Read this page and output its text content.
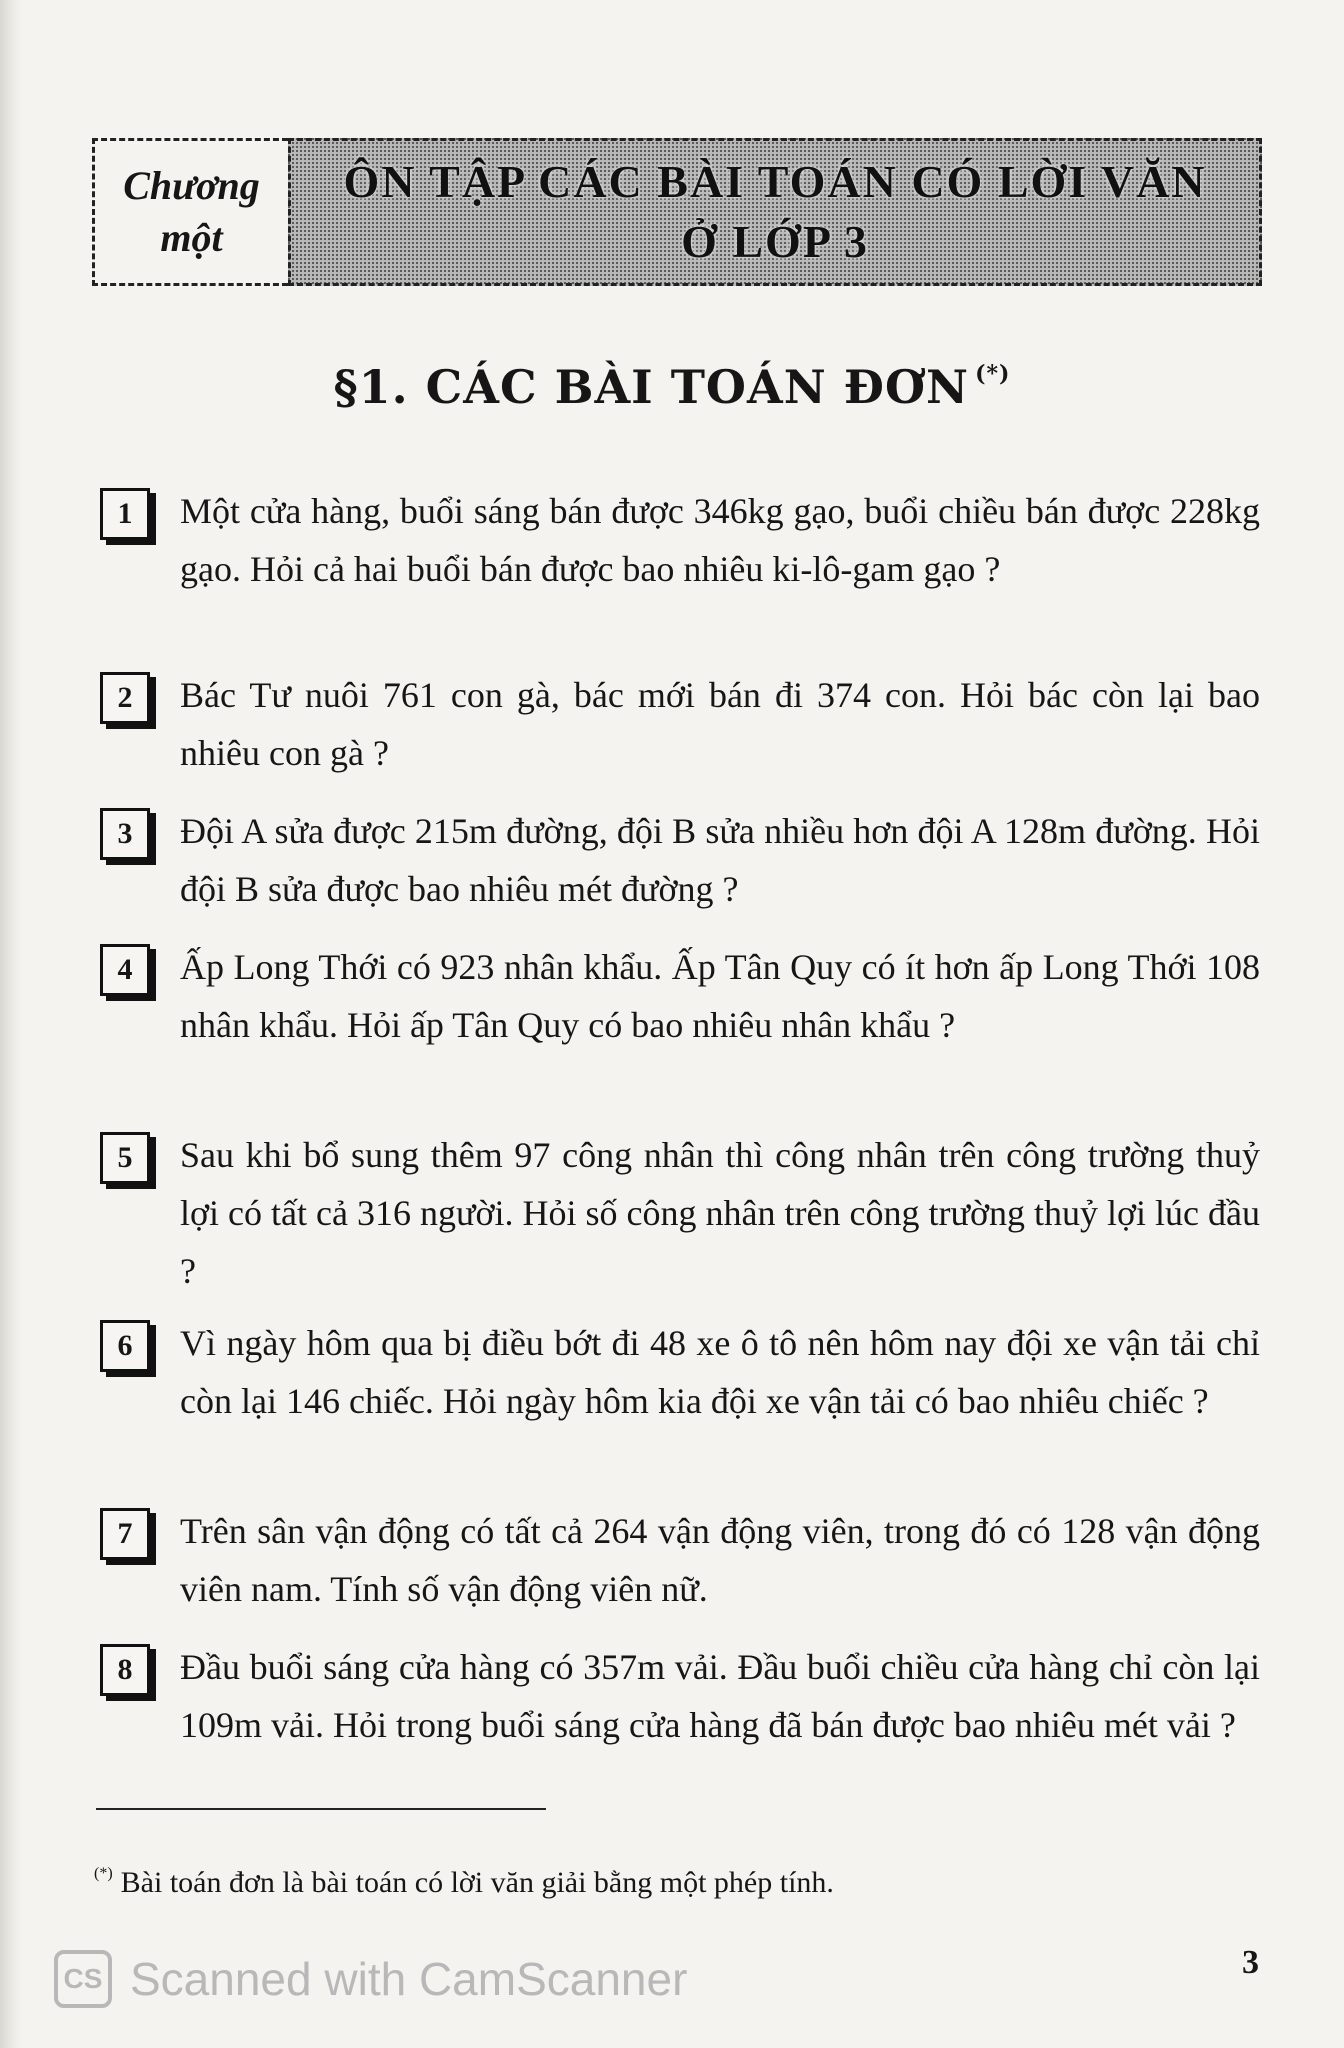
Chương
một
ÔN TẬP CÁC BÀI TOÁN CÓ LỜI VĂN
Ở LỚP 3
§1. CÁC BÀI TOÁN ĐƠN (*)
1	Một cửa hàng, buổi sáng bán được 346kg gạo, buổi chiều bán được 228kg gạo. Hỏi cả hai buổi bán được bao nhiêu ki-lô-gam gạo ?
2	Bác Tư nuôi 761 con gà, bác mới bán đi 374 con. Hỏi bác còn lại bao nhiêu con gà ?
3	Đội A sửa được 215m đường, đội B sửa nhiều hơn đội A 128m đường. Hỏi đội B sửa được bao nhiêu mét đường ?
4	Ấp Long Thới có 923 nhân khẩu. Ấp Tân Quy có ít hơn ấp Long Thới 108 nhân khẩu. Hỏi ấp Tân Quy có bao nhiêu nhân khẩu ?
5	Sau khi bổ sung thêm 97 công nhân thì công nhân trên công trường thuỷ lợi có tất cả 316 người. Hỏi số công nhân trên công trường thuỷ lợi lúc đầu ?
6	Vì ngày hôm qua bị điều bớt đi 48 xe ô tô nên hôm nay đội xe vận tải chỉ còn lại 146 chiếc. Hỏi ngày hôm kia đội xe vận tải có bao nhiêu chiếc ?
7	Trên sân vận động có tất cả 264 vận động viên, trong đó có 128 vận động viên nam. Tính số vận động viên nữ.
8	Đầu buổi sáng cửa hàng có 357m vải. Đầu buổi chiều cửa hàng chỉ còn lại 109m vải. Hỏi trong buổi sáng cửa hàng đã bán được bao nhiêu mét vải ?
(*) Bài toán đơn là bài toán có lời văn giải bằng một phép tính.
CS Scanned with CamScanner	3
